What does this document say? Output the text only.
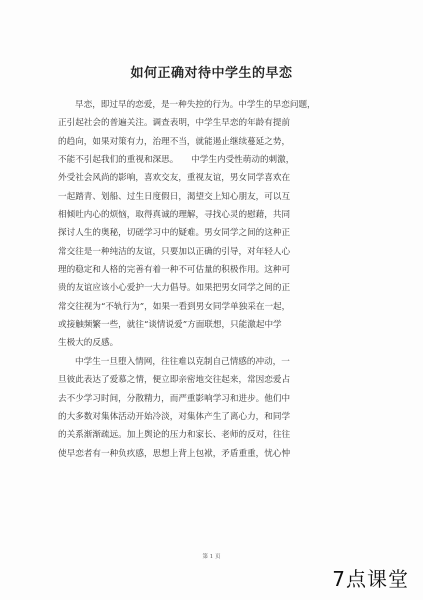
如何正确对待中学生的早恋
早恋，即过早的恋爱，是一种失控的行为。中学生的早恋问题，
正引起社会的普遍关注。调查表明，中学生早恋的年龄有提前
的趋向，如果对策有力，治理不当，就能遏止继续蔓延之势，
不能不引起我们的重视和深思。　　中学生内受性萌动的刺激，
外受社会风尚的影响，喜欢交友，重视友谊，男女同学喜欢在
一起踏青、划船、过生日度假日，渴望交上知心朋友，可以互
相倾吐内心的烦恼，取得真诚的理解，寻找心灵的慰藉，共同
探讨人生的奥秘，切磋学习中的疑难。男女同学之间的这种正
常交往是一种纯洁的友谊，只要加以正确的引导，对年轻人心
理的稳定和人格的完善有着一种不可估量的积极作用。这种可
贵的友谊应该小心爱护一大力倡导。如果把男女同学之间的正
常交往视为“不轨行为”，如果一看到男女同学单独采在一起，
或接触频繁一些，就往“谈情说爱”方面联想，只能激起中学
生极大的反感。
中学生一旦堕入情网，往往难以克制自己情感的冲动，一
旦彼此表达了爱慕之情，便立即亲密地交往起来，常因恋爱占
去不少学习时间，分散精力，而严重影响学习和进步。他们中
的大多数对集体活动开始冷淡，对集体产生了离心力，和同学
的关系渐渐疏远。加上舆论的压力和家长、老师的反对，往往
使早恋者有一种负疚感，思想上背上包袱，矛盾重重，忧心忡
第 1 页
7点课堂
